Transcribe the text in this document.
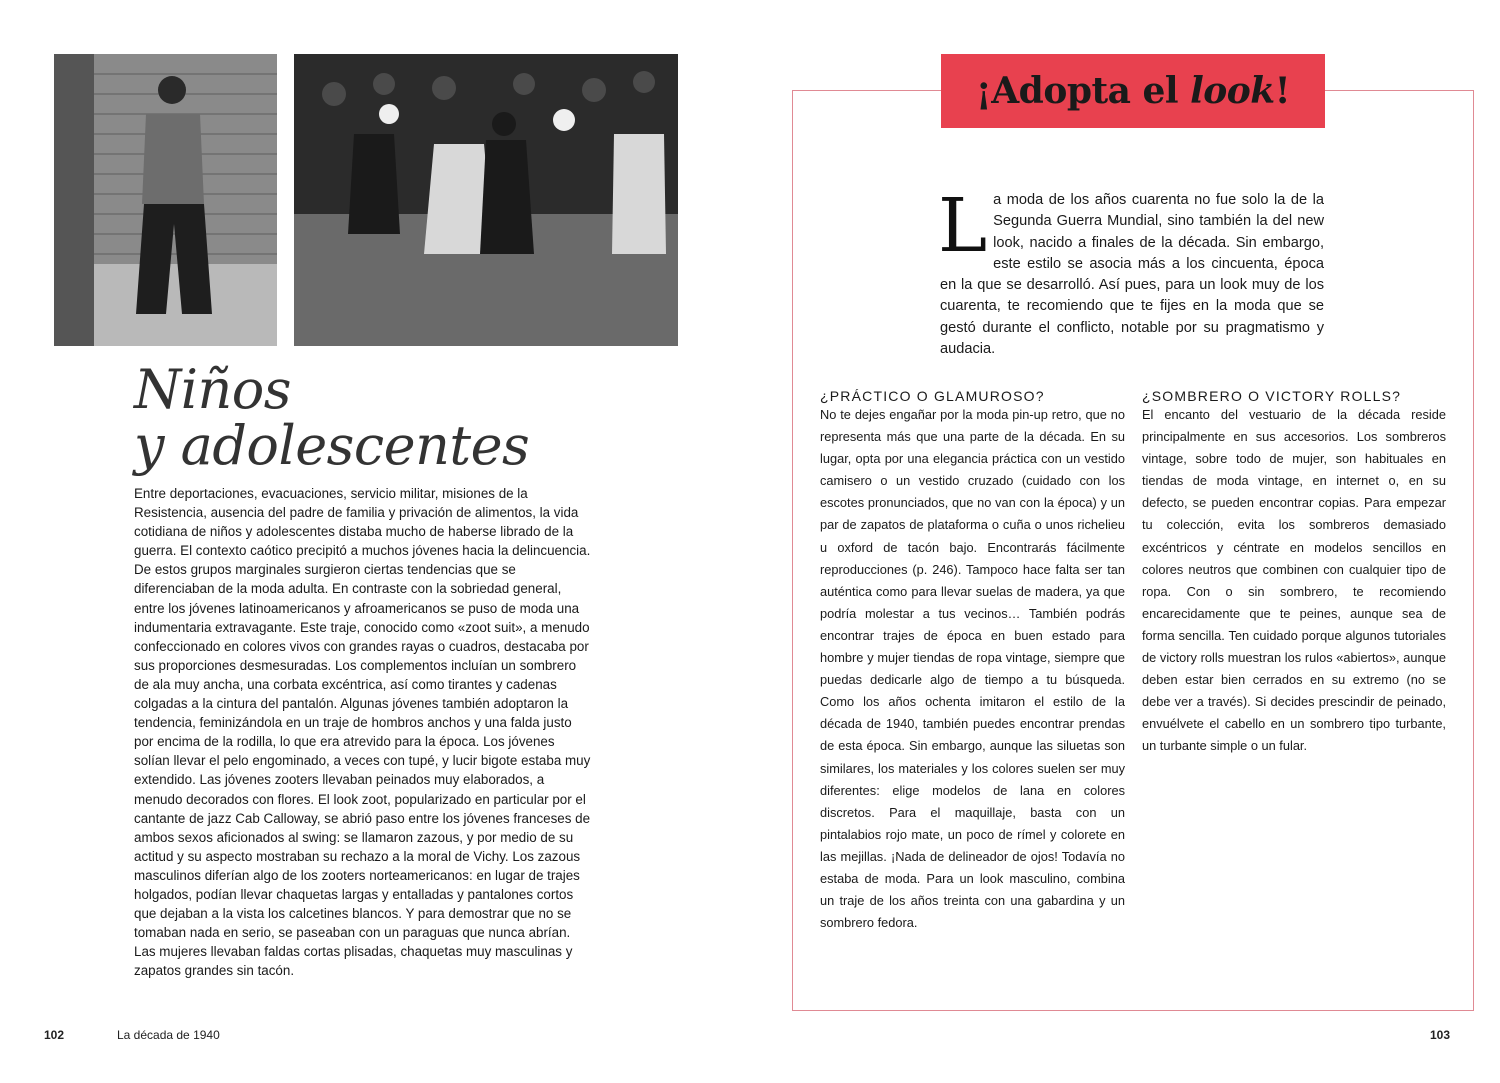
Niños
y adolescentes

Entre deportaciones, evacuaciones, servicio militar, misiones de la Resistencia, ausencia del padre de familia y privación de alimentos, la vida cotidiana de niños y adolescentes distaba mucho de haberse librado de la guerra. El contexto caótico precipitó a muchos jóvenes hacia la delincuencia. De estos grupos marginales surgieron ciertas tendencias que se diferenciaban de la moda adulta. En contraste con la sobriedad general, entre los jóvenes latinoamericanos y afroamericanos se puso de moda una indumentaria extravagante. Este traje, conocido como «zoot suit», a menudo confeccionado en colores vivos con grandes rayas o cuadros, destacaba por sus proporciones desmesuradas. Los complementos incluían un sombrero de ala muy ancha, una corbata excéntrica, así como tirantes y cadenas colgadas a la cintura del pantalón. Algunas jóvenes también adoptaron la tendencia, feminizándola en un traje de hombros anchos y una falda justo por encima de la rodilla, lo que era atrevido para la época. Los jóvenes solían llevar el pelo engominado, a veces con tupé, y lucir bigote estaba muy extendido. Las jóvenes zooters llevaban peinados muy elaborados, a menudo decorados con flores. El look zoot, popularizado en particular por el cantante de jazz Cab Calloway, se abrió paso entre los jóvenes franceses de ambos sexos aficionados al swing: se llamaron zazous, y por medio de su actitud y su aspecto mostraban su rechazo a la moral de Vichy. Los zazous masculinos diferían algo de los zooters norteamericanos: en lugar de trajes holgados, podían llevar chaquetas largas y entalladas y pantalones cortos que dejaban a la vista los calcetines blancos. Y para demostrar que no se tomaban nada en serio, se paseaban con un paraguas que nunca abrían. Las mujeres llevaban faldas cortas plisadas, chaquetas muy masculinas y zapatos grandes sin tacón.

102	La década de 1940
¡Adopta el look!
La moda de los años cuarenta no fue solo la de la Segunda Guerra Mundial, sino también la del new look, nacido a finales de la década. Sin embargo, este estilo se asocia más a los cincuenta, época en la que se desarrolló. Así pues, para un look muy de los cuarenta, te recomiendo que te fijes en la moda que se gestó durante el conflicto, notable por su pragmatismo y audacia.
¿PRÁCTICO O GLAMUROSO?

No te dejes engañar por la moda pin-up retro, que no representa más que una parte de la década. En su lugar, opta por una elegancia práctica con un vestido camisero o un vestido cruzado (cuidado con los escotes pronunciados, que no van con la época) y un par de zapatos de plataforma o cuña o unos richelieu u oxford de tacón bajo. Encontrarás fácilmente reproducciones (p. 246). Tampoco hace falta ser tan auténtica como para llevar suelas de madera, ya que podría molestar a tus vecinos… También podrás encontrar trajes de época en buen estado para hombre y mujer tiendas de ropa vintage, siempre que puedas dedicarle algo de tiempo a tu búsqueda. Como los años ochenta imitaron el estilo de la década de 1940, también puedes encontrar prendas de esta época. Sin embargo, aunque las siluetas son similares, los materiales y los colores suelen ser muy diferentes: elige modelos de lana en colores discretos. Para el maquillaje, basta con un pintalabios rojo mate, un poco de rímel y colorete en las mejillas. ¡Nada de delineador de ojos! Todavía no estaba de moda. Para un look masculino, combina un traje de los años treinta con una gabardina y un sombrero fedora.

¿SOMBRERO O VICTORY ROLLS?

El encanto del vestuario de la década reside principalmente en sus accesorios. Los sombreros vintage, sobre todo de mujer, son habituales en tiendas de moda vintage, en internet o, en su defecto, se pueden encontrar copias. Para empezar tu colección, evita los sombreros demasiado excéntricos y céntrate en modelos sencillos en colores neutros que combinen con cualquier tipo de ropa. Con o sin sombrero, te recomiendo encarecidamente que te peines, aunque sea de forma sencilla. Ten cuidado porque algunos tutoriales de victory rolls muestran los rulos «abiertos», aunque deben estar bien cerrados en su extremo (no se debe ver a través). Si decides prescindir de peinado, envuélvete el cabello en un sombrero tipo turbante, un turbante simple o un fular.

103
